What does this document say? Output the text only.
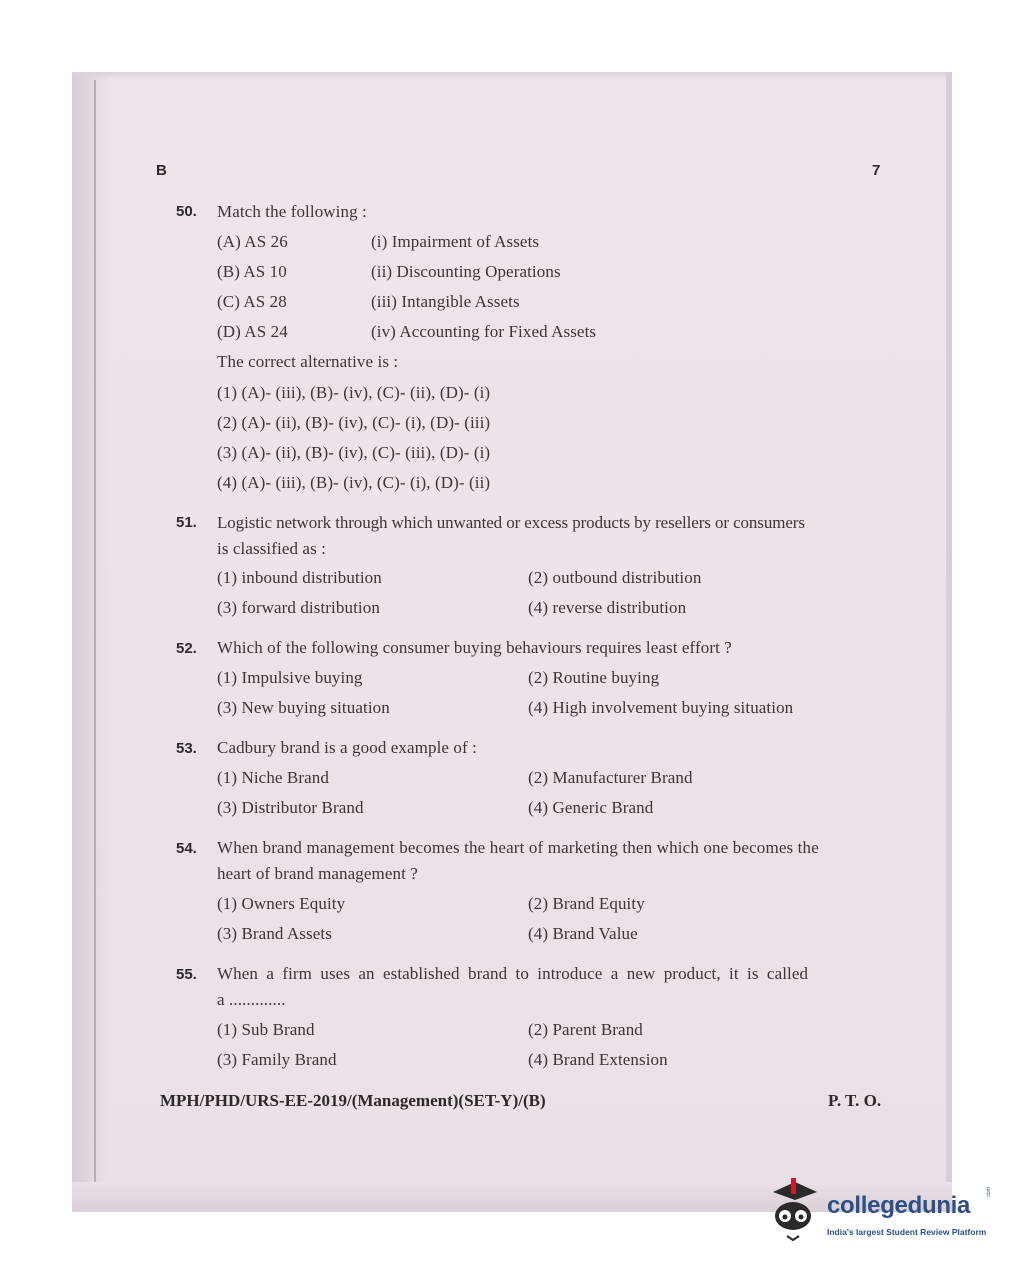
B	7
50. Match the following :
(A) AS 26	(i) Impairment of Assets
(B) AS 10	(ii) Discounting Operations
(C) AS 28	(iii) Intangible Assets
(D) AS 24	(iv) Accounting for Fixed Assets
The correct alternative is :
(1) (A)- (iii), (B)- (iv), (C)- (ii), (D)- (i)
(2) (A)- (ii), (B)- (iv), (C)- (i), (D)- (iii)
(3) (A)- (ii), (B)- (iv), (C)- (iii), (D)- (i)
(4) (A)- (iii), (B)- (iv), (C)- (i), (D)- (ii)
51. Logistic network through which unwanted or excess products by resellers or consumers
is classified as :
(1) inbound distribution	(2) outbound distribution
(3) forward distribution	(4) reverse distribution
52. Which of the following consumer buying behaviours requires least effort ?
(1) Impulsive buying	(2) Routine buying
(3) New buying situation	(4) High involvement buying situation
53. Cadbury brand is a good example of :
(1) Niche Brand	(2) Manufacturer Brand
(3) Distributor Brand	(4) Generic Brand
54. When brand management becomes the heart of marketing then which one becomes the
heart of brand management ?
(1) Owners Equity	(2) Brand Equity
(3) Brand Assets	(4) Brand Value
55. When a firm uses an established brand to introduce a new product, it is called
a .............
(1) Sub Brand	(2) Parent Brand
(3) Family Brand	(4) Brand Extension
MPH/PHD/URS-EE-2019/(Management)(SET-Y)/(B)	P. T. O.
collegedunia	.com
India's largest Student Review Platform
